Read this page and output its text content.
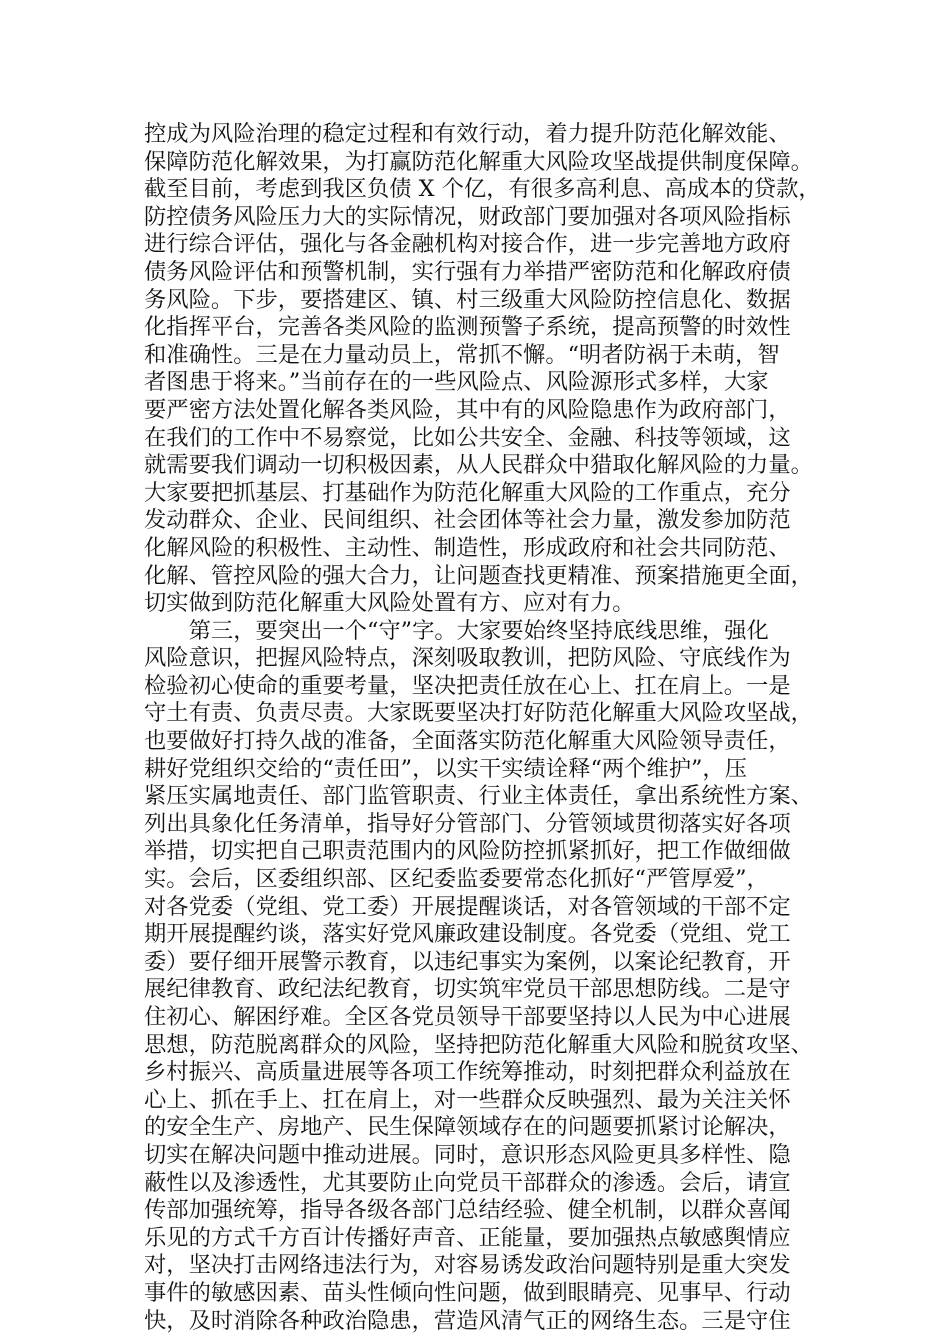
控成为风险治理的稳定过程和有效行动，着力提升防范化解效能、
保障防范化解效果，为打赢防范化解重大风险攻坚战提供制度保障。
截至目前，考虑到我区负债 X 个亿，有很多高利息、高成本的贷款，
防控债务风险压力大的实际情况，财政部门要加强对各项风险指标
进行综合评估，强化与各金融机构对接合作，进一步完善地方政府
债务风险评估和预警机制，实行强有力举措严密防范和化解政府债
务风险。下步，要搭建区、镇、村三级重大风险防控信息化、数据
化指挥平台，完善各类风险的监测预警子系统，提高预警的时效性
和准确性。三是在力量动员上，常抓不懈。“明者防祸于未萌，智
者图患于将来。”当前存在的一些风险点、风险源形式多样，大家
要严密方法处置化解各类风险，其中有的风险隐患作为政府部门，
在我们的工作中不易察觉，比如公共安全、金融、科技等领域，这
就需要我们调动一切积极因素，从人民群众中猎取化解风险的力量。
大家要把抓基层、打基础作为防范化解重大风险的工作重点，充分
发动群众、企业、民间组织、社会团体等社会力量，激发参加防范
化解风险的积极性、主动性、制造性，形成政府和社会共同防范、
化解、管控风险的强大合力，让问题查找更精准、预案措施更全面，
切实做到防范化解重大风险处置有方、应对有力。
　　第三，要突出一个“守”字。大家要始终坚持底线思维，强化
风险意识，把握风险特点，深刻吸取教训，把防风险、守底线作为
检验初心使命的重要考量，坚决把责任放在心上、扛在肩上。一是
守土有责、负责尽责。大家既要坚决打好防范化解重大风险攻坚战，
也要做好打持久战的准备，全面落实防范化解重大风险领导责任，
耕好党组织交给的“责任田”，以实干实绩诠释“两个维护”，压
紧压实属地责任、部门监管职责、行业主体责任，拿出系统性方案、
列出具象化任务清单，指导好分管部门、分管领域贯彻落实好各项
举措，切实把自己职责范围内的风险防控抓紧抓好，把工作做细做
实。会后，区委组织部、区纪委监委要常态化抓好“严管厚爱”，
对各党委（党组、党工委）开展提醒谈话，对各管领域的干部不定
期开展提醒约谈，落实好党风廉政建设制度。各党委（党组、党工
委）要仔细开展警示教育，以违纪事实为案例，以案论纪教育，开
展纪律教育、政纪法纪教育，切实筑牢党员干部思想防线。二是守
住初心、解困纾难。全区各党员领导干部要坚持以人民为中心进展
思想，防范脱离群众的风险，坚持把防范化解重大风险和脱贫攻坚、
乡村振兴、高质量进展等各项工作统筹推动，时刻把群众利益放在
心上、抓在手上、扛在肩上，对一些群众反映强烈、最为关注关怀
的安全生产、房地产、民生保障领域存在的问题要抓紧讨论解决，
切实在解决问题中推动进展。同时，意识形态风险更具多样性、隐
蔽性以及渗透性，尤其要防止向党员干部群众的渗透。会后，请宣
传部加强统筹，指导各级各部门总结经验、健全机制，以群众喜闻
乐见的方式千方百计传播好声音、正能量，要加强热点敏感舆情应
对，坚决打击网络违法行为，对容易诱发政治问题特别是重大突发
事件的敏感因素、苗头性倾向性问题，做到眼睛亮、见事早、行动
快，及时消除各种政治隐患，营造风清气正的网络生态。三是守住
